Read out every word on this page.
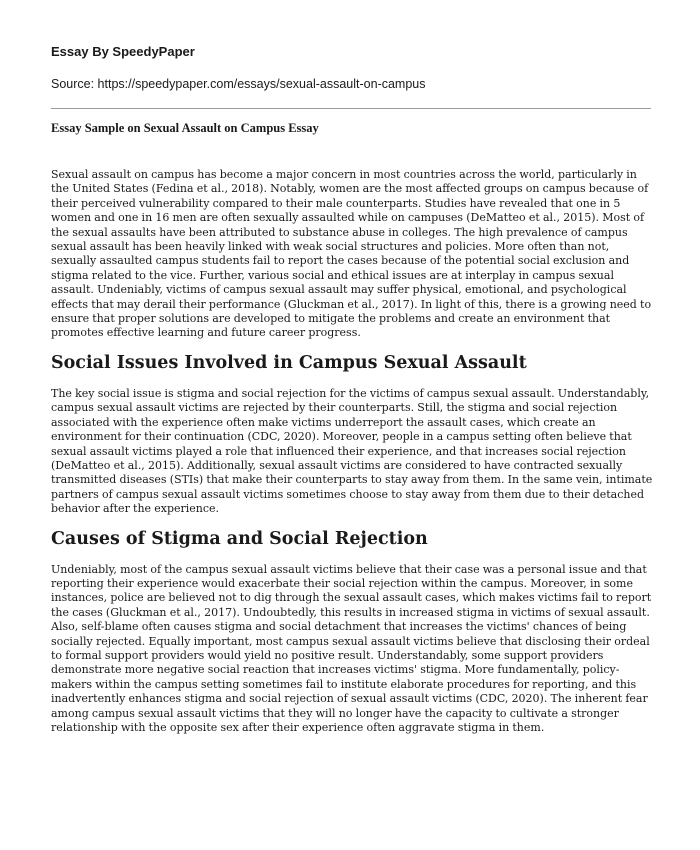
Essay By SpeedyPaper
Source: https://speedypaper.com/essays/sexual-assault-on-campus
Essay Sample on Sexual Assault on Campus Essay

Sexual assault on campus has become a major concern in most countries across the world, particularly in the United States (Fedina et al., 2018). Notably, women are the most affected groups on campus because of their perceived vulnerability compared to their male counterparts. Studies have revealed that one in 5 women and one in 16 men are often sexually assaulted while on campuses (DeMatteo et al., 2015). Most of the sexual assaults have been attributed to substance abuse in colleges. The high prevalence of campus sexual assault has been heavily linked with weak social structures and policies. More often than not, sexually assaulted campus students fail to report the cases because of the potential social exclusion and stigma related to the vice. Further, various social and ethical issues are at interplay in campus sexual assault. Undeniably, victims of campus sexual assault may suffer physical, emotional, and psychological effects that may derail their performance (Gluckman et al., 2017). In light of this, there is a growing need to ensure that proper solutions are developed to mitigate the problems and create an environment that promotes effective learning and future career progress.

Social Issues Involved in Campus Sexual Assault

The key social issue is stigma and social rejection for the victims of campus sexual assault. Understandably, campus sexual assault victims are rejected by their counterparts. Still, the stigma and social rejection associated with the experience often make victims underreport the assault cases, which create an environment for their continuation (CDC, 2020). Moreover, people in a campus setting often believe that sexual assault victims played a role that influenced their experience, and that increases social rejection (DeMatteo et al., 2015). Additionally, sexual assault victims are considered to have contracted sexually transmitted diseases (STIs) that make their counterparts to stay away from them. In the same vein, intimate partners of campus sexual assault victims sometimes choose to stay away from them due to their detached behavior after the experience.

Causes of Stigma and Social Rejection

Undeniably, most of the campus sexual assault victims believe that their case was a personal issue and that reporting their experience would exacerbate their social rejection within the campus. Moreover, in some instances, police are believed not to dig through the sexual assault cases, which makes victims fail to report the cases (Gluckman et al., 2017). Undoubtedly, this results in increased stigma in victims of sexual assault. Also, self-blame often causes stigma and social detachment that increases the victims' chances of being socially rejected. Equally important, most campus sexual assault victims believe that disclosing their ordeal to formal support providers would yield no positive result. Understandably, some support providers demonstrate more negative social reaction that increases victims' stigma. More fundamentally, policy-makers within the campus setting sometimes fail to institute elaborate procedures for reporting, and this inadvertently enhances stigma and social rejection of sexual assault victims (CDC, 2020). The inherent fear among campus sexual assault victims that they will no longer have the capacity to cultivate a stronger relationship with the opposite sex after their experience often aggravate stigma in them.
